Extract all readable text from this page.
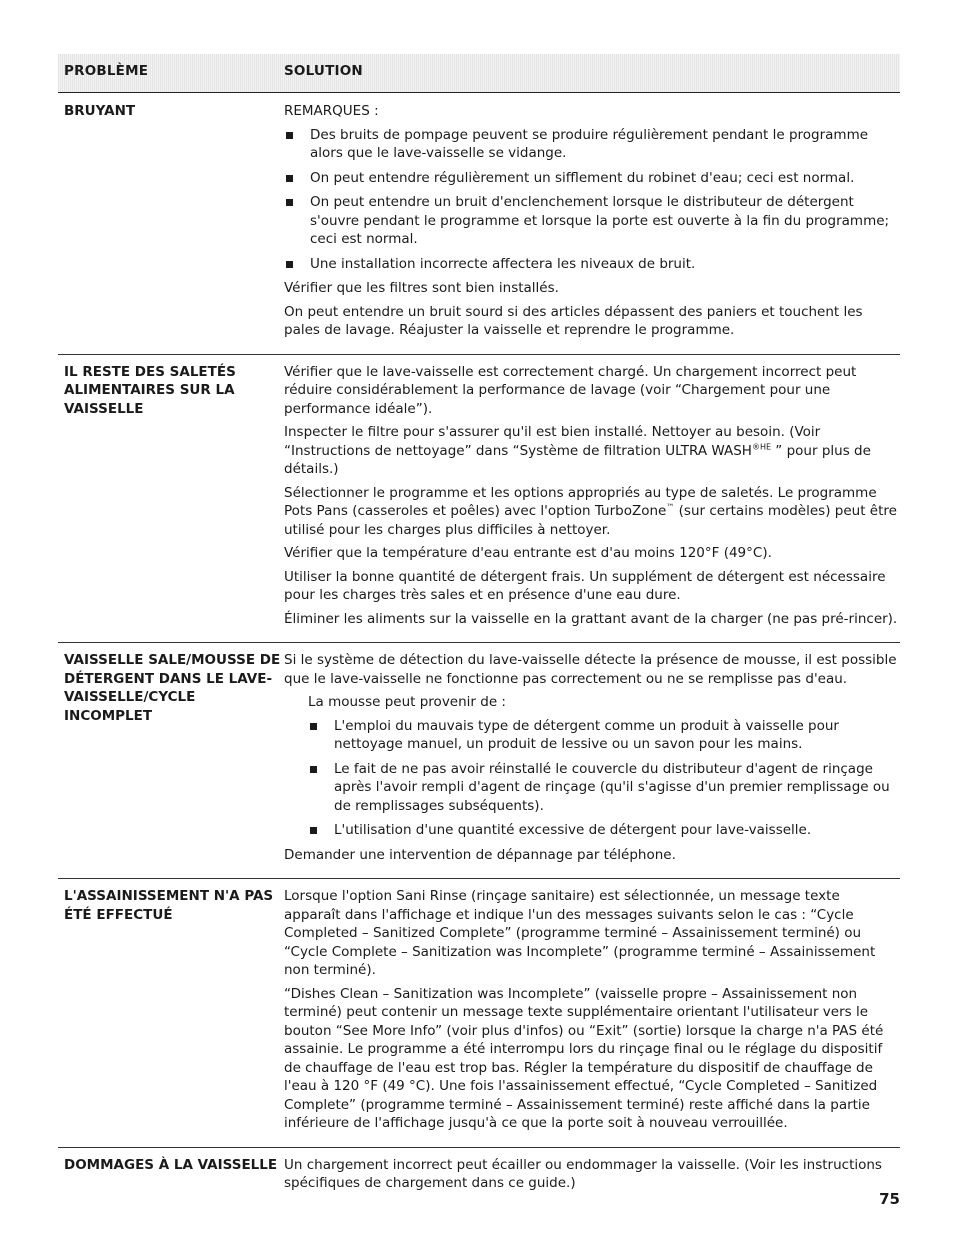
PROBLÈME	SOLUTION
BRUYANT	REMARQUES :

Des bruits de pompage peuvent se produire régulièrement pendant le programme alors que le lave-vaisselle se vidange.
On peut entendre régulièrement un sifflement du robinet d'eau; ceci est normal.
On peut entendre un bruit d'enclenchement lorsque le distributeur de détergent s'ouvre pendant le programme et lorsque la porte est ouverte à la fin du programme; ceci est normal.
Une installation incorrecte affectera les niveaux de bruit.

Vérifier que les filtres sont bien installés.

On peut entendre un bruit sourd si des articles dépassent des paniers et touchent les pales de lavage. Réajuster la vaisselle et reprendre le programme.

IL RESTE DES SALETÉS ALIMENTAIRES SUR LA VAISSELLE

Vérifier que le lave-vaisselle est correctement chargé. Un chargement incorrect peut réduire considérablement la performance de lavage (voir “Chargement pour une performance idéale”).

Inspecter le filtre pour s'assurer qu'il est bien installé. Nettoyer au besoin. (Voir “Instructions de nettoyage” dans “Système de filtration ULTRA $WASH^{®HE}$ ” pour plus de détails.)

Sélectionner le programme et les options appropriés au type de saletés. Le programme Pots Pans (casseroles et poêles) avec l'option TurboZone™ (sur certains modèles) peut être utilisé pour les charges plus difficiles à nettoyer.

Vérifier que la température d'eau entrante est d'au moins 120°F (49°C).

Utiliser la bonne quantité de détergent frais. Un supplément de détergent est nécessaire pour les charges très sales et en présence d'une eau dure.

Éliminer les aliments sur la vaisselle en la grattant avant de la charger (ne pas pré-rincer).

VAISSELLE SALE/MOUSSE DE DÉTERGENT DANS LE LAVE-VAISSELLE/CYCLE INCOMPLET

Si le système de détection du lave-vaisselle détecte la présence de mousse, il est possible que le lave-vaisselle ne fonctionne pas correctement ou ne se remplisse pas d'eau.

La mousse peut provenir de :

L'emploi du mauvais type de détergent comme un produit à vaisselle pour nettoyage manuel, un produit de lessive ou un savon pour les mains.
Le fait de ne pas avoir réinstallé le couvercle du distributeur d'agent de rinçage après l'avoir rempli d'agent de rinçage (qu'il s'agisse d'un premier remplissage ou de remplissages subséquents).
L'utilisation d'une quantité excessive de détergent pour lave-vaisselle.

Demander une intervention de dépannage par téléphone.

L'ASSAINISSEMENT N'A PAS ÉTÉ EFFECTUÉ

Lorsque l'option Sani Rinse (rinçage sanitaire) est sélectionnée, un message texte apparaît dans l'affichage et indique l'un des messages suivants selon le cas : “Cycle Completed – Sanitized Complete” (programme terminé – Assainissement terminé) ou “Cycle Complete – Sanitization was Incomplete” (programme terminé – Assainissement non terminé).

“Dishes Clean – Sanitization was Incomplete” (vaisselle propre – Assainissement non terminé) peut contenir un message texte supplémentaire orientant l'utilisateur vers le bouton “See More Info” (voir plus d'infos) ou “Exit” (sortie) lorsque la charge n'a PAS été assainie. Le programme a été interrompu lors du rinçage final ou le réglage du dispositif de chauffage de l'eau est trop bas. Régler la température du dispositif de chauffage de l'eau à 120 °F (49 °C). Une fois l'assainissement effectué, “Cycle Completed – Sanitized Complete” (programme terminé – Assainissement terminé) reste affiché dans la partie inférieure de l'affichage jusqu'à ce que la porte soit à nouveau verrouillée.

DOMMAGES À LA VAISSELLE Un chargement incorrect peut écailler ou endommager la vaisselle. (Voir les instructions spécifiques de chargement dans ce guide.)

75
